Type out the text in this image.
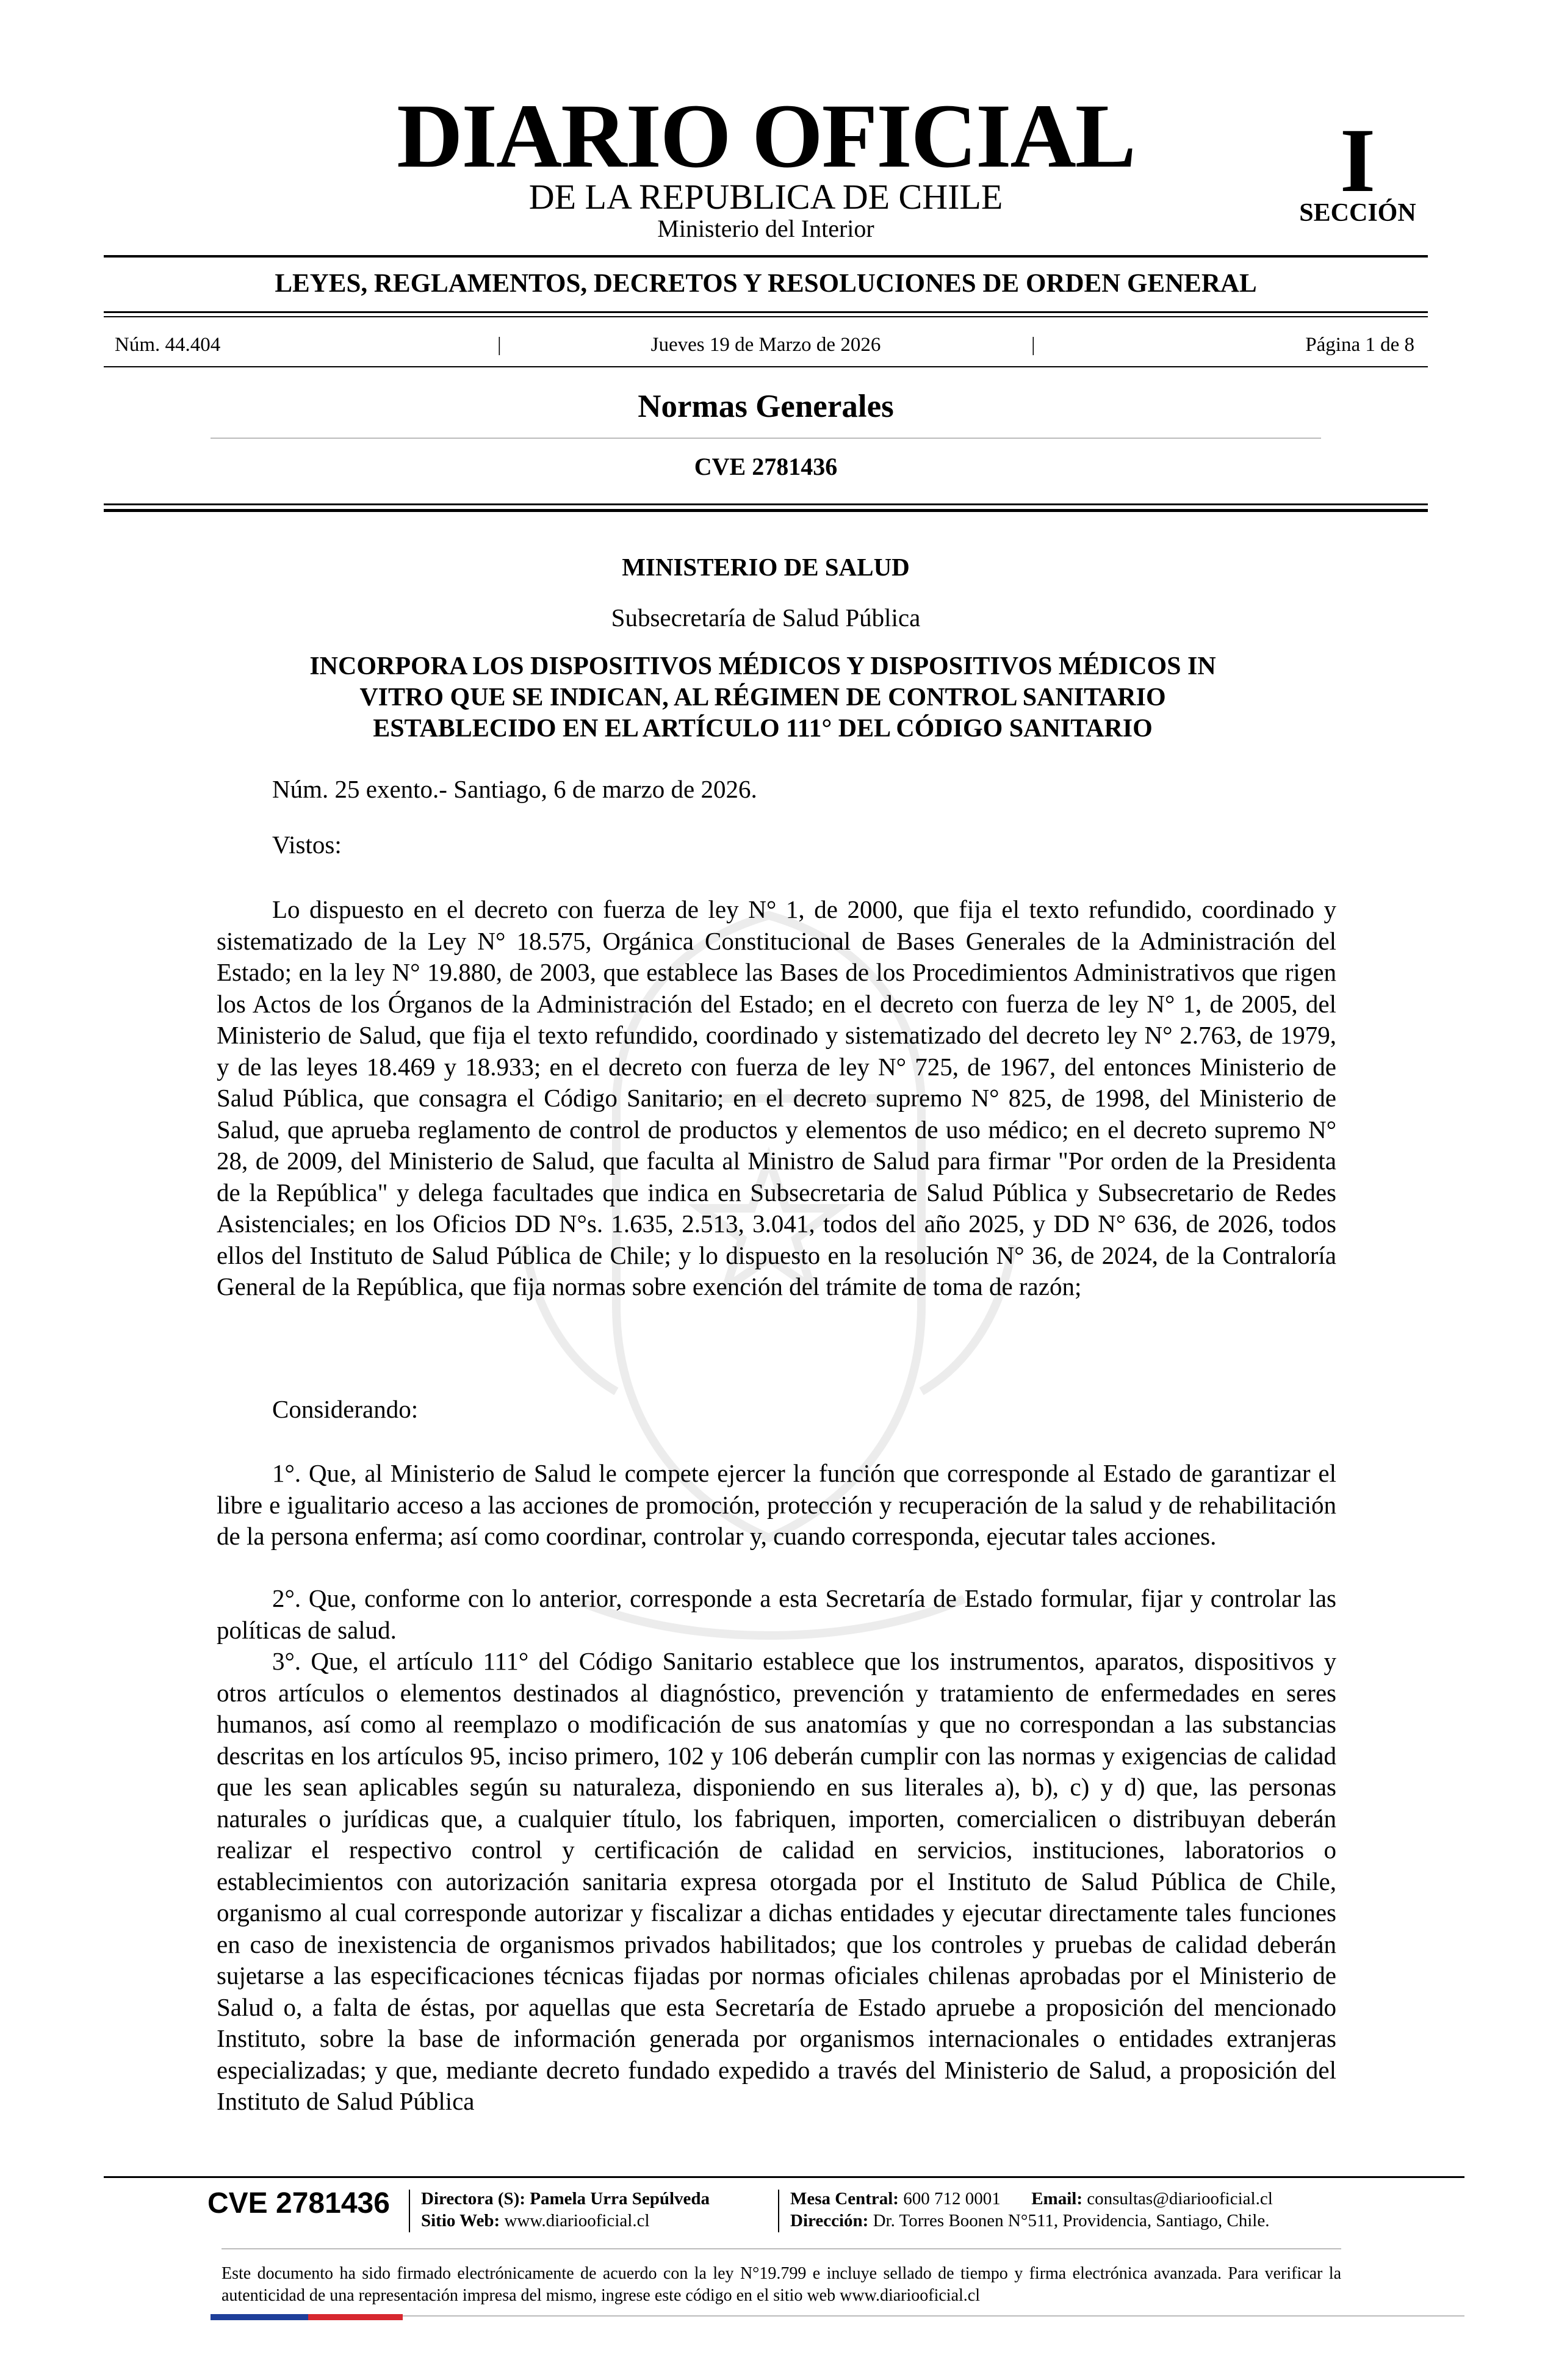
DIARIO OFICIAL
DE LA REPUBLICA DE CHILE
Ministerio del Interior
I
SECCIÓN
LEYES, REGLAMENTOS, DECRETOS Y RESOLUCIONES DE ORDEN GENERAL
Núm. 44.404	|	Jueves 19 de Marzo de 2026	|	Página 1 de 8
Normas Generales
CVE 2781436
MINISTERIO DE SALUD
Subsecretaría de Salud Pública
INCORPORA LOS DISPOSITIVOS MÉDICOS Y DISPOSITIVOS MÉDICOS IN
VITRO QUE SE INDICAN, AL RÉGIMEN DE CONTROL SANITARIO
ESTABLECIDO EN EL ARTÍCULO 111° DEL CÓDIGO SANITARIO
Núm. 25 exento.- Santiago, 6 de marzo de 2026.
Vistos:
Lo dispuesto en el decreto con fuerza de ley N° 1, de 2000, que fija el texto refundido, coordinado y sistematizado de la Ley N° 18.575, Orgánica Constitucional de Bases Generales de la Administración del Estado; en la ley N° 19.880, de 2003, que establece las Bases de los Procedimientos Administrativos que rigen los Actos de los Órganos de la Administración del Estado; en el decreto con fuerza de ley N° 1, de 2005, del Ministerio de Salud, que fija el texto refundido, coordinado y sistematizado del decreto ley N° 2.763, de 1979, y de las leyes 18.469 y 18.933; en el decreto con fuerza de ley N° 725, de 1967, del entonces Ministerio de Salud Pública, que consagra el Código Sanitario; en el decreto supremo N° 825, de 1998, del Ministerio de Salud, que aprueba reglamento de control de productos y elementos de uso médico; en el decreto supremo N° 28, de 2009, del Ministerio de Salud, que faculta al Ministro de Salud para firmar "Por orden de la Presidenta de la República" y delega facultades que indica en Subsecretaria de Salud Pública y Subsecretario de Redes Asistenciales; en los Oficios DD N°s. 1.635, 2.513, 3.041, todos del año 2025, y DD N° 636, de 2026, todos ellos del Instituto de Salud Pública de Chile; y lo dispuesto en la resolución N° 36, de 2024, de la Contraloría General de la República, que fija normas sobre exención del trámite de toma de razón;
Considerando:
1°. Que, al Ministerio de Salud le compete ejercer la función que corresponde al Estado de garantizar el libre e igualitario acceso a las acciones de promoción, protección y recuperación de la salud y de rehabilitación de la persona enferma; así como coordinar, controlar y, cuando corresponda, ejecutar tales acciones.
2°. Que, conforme con lo anterior, corresponde a esta Secretaría de Estado formular, fijar y controlar las políticas de salud.
3°. Que, el artículo 111° del Código Sanitario establece que los instrumentos, aparatos, dispositivos y otros artículos o elementos destinados al diagnóstico, prevención y tratamiento de enfermedades en seres humanos, así como al reemplazo o modificación de sus anatomías y que no correspondan a las substancias descritas en los artículos 95, inciso primero, 102 y 106 deberán cumplir con las normas y exigencias de calidad que les sean aplicables según su naturaleza, disponiendo en sus literales a), b), c) y d) que, las personas naturales o jurídicas que, a cualquier título, los fabriquen, importen, comercialicen o distribuyan deberán realizar el respectivo control y certificación de calidad en servicios, instituciones, laboratorios o establecimientos con autorización sanitaria expresa otorgada por el Instituto de Salud Pública de Chile, organismo al cual corresponde autorizar y fiscalizar a dichas entidades y ejecutar directamente tales funciones en caso de inexistencia de organismos privados habilitados; que los controles y pruebas de calidad deberán sujetarse a las especificaciones técnicas fijadas por normas oficiales chilenas aprobadas por el Ministerio de Salud o, a falta de éstas, por aquellas que esta Secretaría de Estado apruebe a proposición del mencionado Instituto, sobre la base de información generada por organismos internacionales o entidades extranjeras especializadas; y que, mediante decreto fundado expedido a través del Ministerio de Salud, a proposición del Instituto de Salud Pública
CVE 2781436 Directora (S): Pamela Urra Sepúlveda
Sitio Web: www.diariooficial.cl
Mesa Central: 600 712 0001 Email: consultas@diariooficial.cl
Dirección: Dr. Torres Boonen N°511, Providencia, Santiago, Chile.
Este documento ha sido firmado electrónicamente de acuerdo con la ley N°19.799 e incluye sellado de tiempo y firma electrónica avanzada. Para verificar la autenticidad de una representación impresa del mismo, ingrese este código en el sitio web www.diariooficial.cl
